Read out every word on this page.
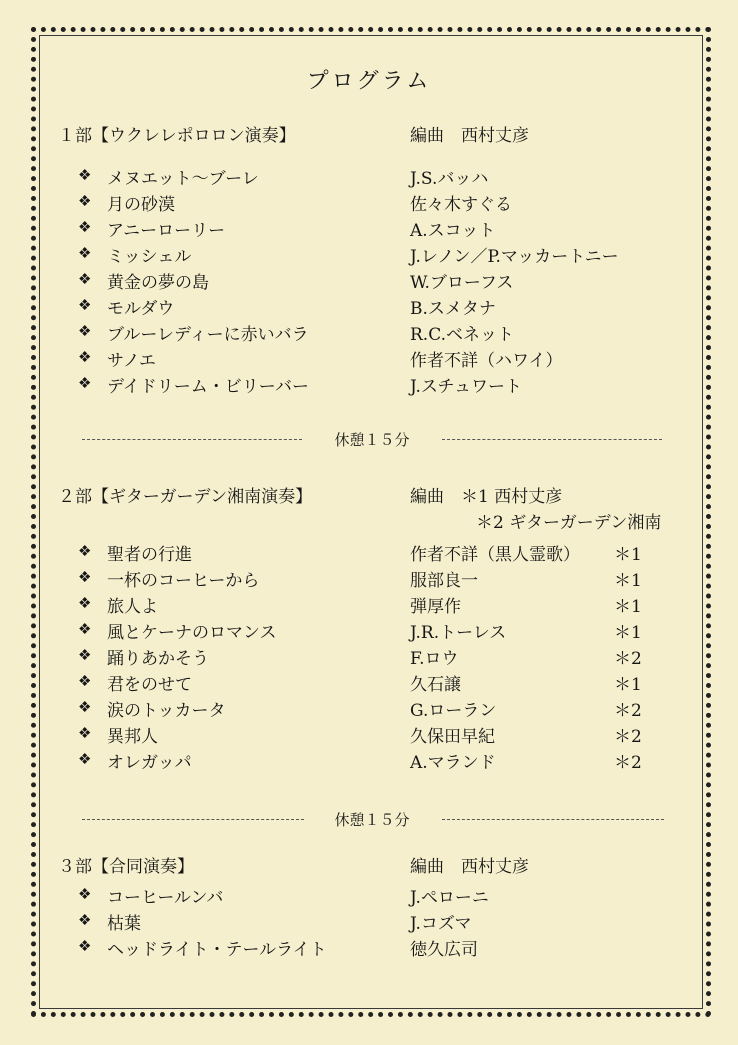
プログラム
１部【ウクレレポロロン演奏】	編曲　西村丈彦
❖ メヌエット～ブーレ	J.S.バッハ
❖ 月の砂漠	佐々木すぐる
❖ アニーローリー	A.スコット
❖ ミッシェル	J.レノン／P.マッカートニー
❖ 黄金の夢の島	W.ブローフス
❖ モルダウ	B.スメタナ
❖ ブルーレディーに赤いバラ	R.C.ベネット
❖ サノエ	作者不詳（ハワイ）
❖ デイドリーム・ビリーバー	J.スチュワート
休憩１５分
２部【ギターガーデン湘南演奏】	編曲　＊1 西村丈彦
＊2 ギターガーデン湘南
❖ 聖者の行進	作者不詳（黒人霊歌） ＊1
❖ 一杯のコーヒーから	服部良一	＊1
❖ 旅人よ	弾厚作	＊1
❖ 風とケーナのロマンス	J.R.トーレス	＊1
❖ 踊りあかそう	F.ロウ	＊2
❖ 君をのせて	久石譲	＊1
❖ 涙のトッカータ	G.ローラン	＊2
❖ 異邦人	久保田早紀	＊2
❖ オレガッパ	A.マランド	＊2
休憩１５分
３部【合同演奏】	編曲　西村丈彦
❖ コーヒールンバ	J.ペローニ
❖ 枯葉	J.コズマ
❖ ヘッドライト・テールライト	徳久広司
